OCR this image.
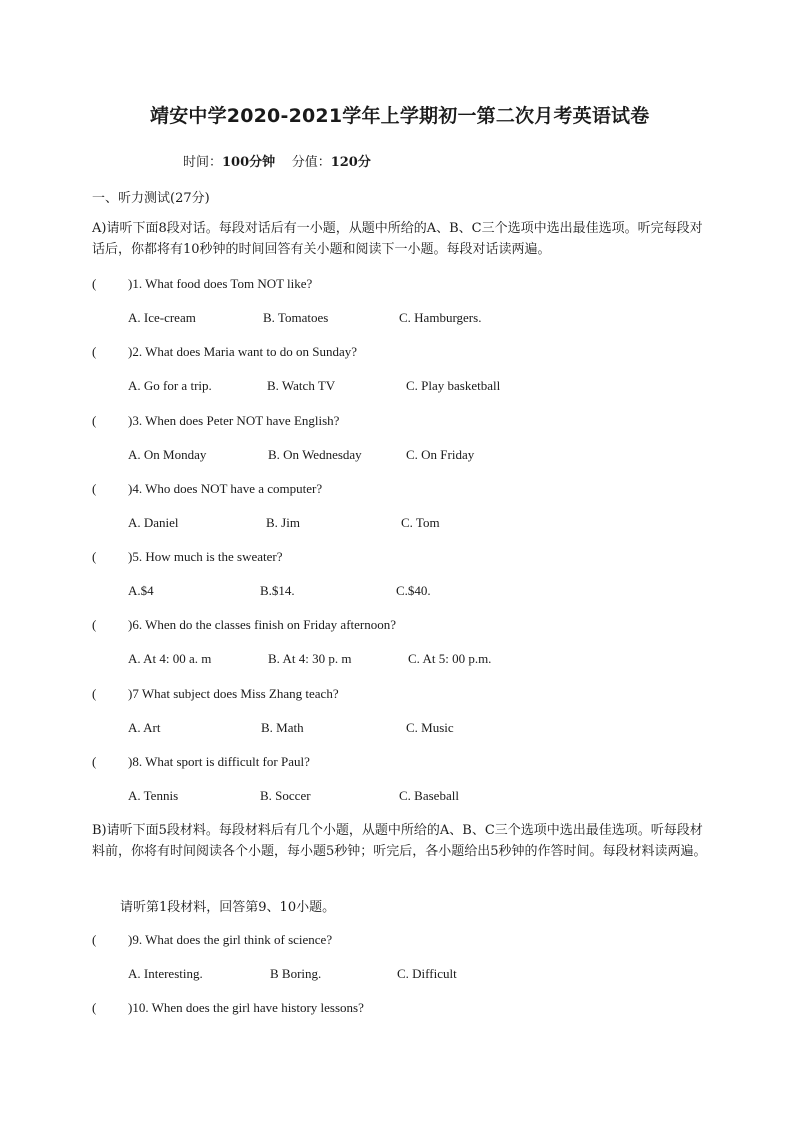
靖安中学2020-2021学年上学期初一第二次月考英语试卷
时间：100分钟 分值：120分
一、听力测试(27分)
A)请听下面8段对话。每段对话后有一小题，从题中所给的A、B、C三个选项中选出最佳选项。听完每段对话后，你都将有10秒钟的时间回答有关小题和阅读下一小题。每段对话读两遍。
( )1. What food does Tom NOT like?
A. Ice-cream	B. Tomatoes	C. Hamburgers.
( )2. What does Maria want to do on Sunday?
A. Go for a trip.	B. Watch TV	C. Play basketball
( )3. When does Peter NOT have English?
A. On Monday	B. On Wednesday	C. On Friday
( )4. Who does NOT have a computer?
A. Daniel	B. Jim	C. Tom
( )5. How much is the sweater?
A.$4	B.$14.	C.$40.
( )6. When do the classes finish on Friday afternoon?
A. At 4: 00 a. m	B. At 4: 30 p. m	C. At 5: 00 p.m.
( )7 What subject does Miss Zhang teach?
A. Art	B. Math	C. Music
( )8. What sport is difficult for Paul?
A. Tennis	B. Soccer	C. Baseball
B)请听下面5段材料。每段材料后有几个小题，从题中所给的A、B、C三个选项中选出最佳选项。听每段材料前，你将有时间阅读各个小题，每小题5秒钟；听完后，各小题给出5秒钟的作答时间。每段材料读两遍。
请听第1段材料，回答第9、10小题。
( )9. What does the girl think of science?
A. Interesting.	B Boring.	C. Difficult
( )10. When does the girl have history lessons?
